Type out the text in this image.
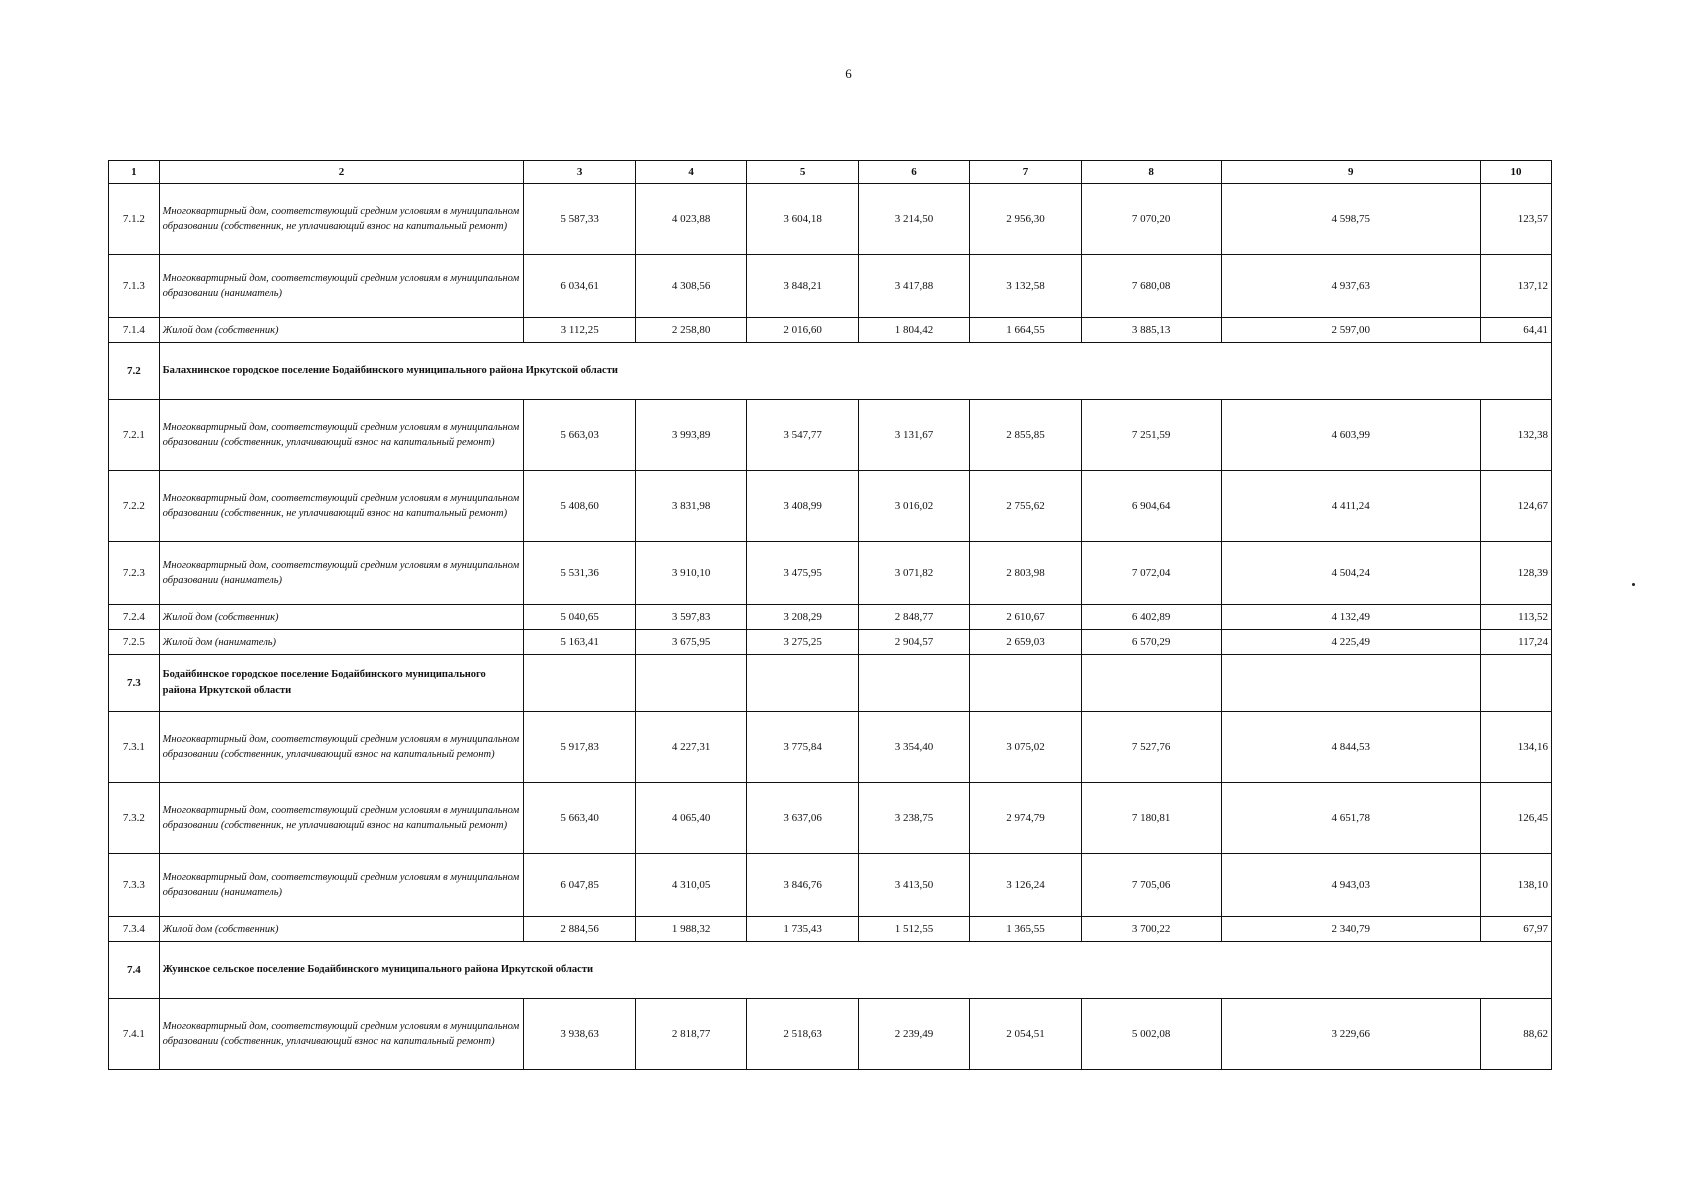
6
1	2	3	4	5	6	7	8	9	10
7.1.2	Многоквартирный дом, соответствующий средним условиям в муниципальном образовании (собственник, не уплачивающий взнос на капитальный ремонт)	5 587,33	4 023,88	3 604,18	3 214,50	2 956,30	7 070,20	4 598,75	123,57
7.1.3	Многоквартирный дом, соответствующий средним условиям в муниципальном образовании (наниматель)	6 034,61	4 308,56	3 848,21	3 417,88	3 132,58	7 680,08	4 937,63	137,12
7.1.4	Жилой дом (собственник)	3 112,25	2 258,80	2 016,60	1 804,42	1 664,55	3 885,13	2 597,00	64,41
7.2	Балахнинское городское поселение Бодайбинского муниципального района Иркутской области								
7.2.1	Многоквартирный дом, соответствующий средним условиям в муниципальном образовании (собственник, уплачивающий взнос на капитальный ремонт)	5 663,03	3 993,89	3 547,77	3 131,67	2 855,85	7 251,59	4 603,99	132,38
7.2.2	Многоквартирный дом, соответствующий средним условиям в муниципальном образовании (собственник, не уплачивающий взнос на капитальный ремонт)	5 408,60	3 831,98	3 408,99	3 016,02	2 755,62	6 904,64	4 411,24	124,67
7.2.3	Многоквартирный дом, соответствующий средним условиям в муниципальном образовании (наниматель)	5 531,36	3 910,10	3 475,95	3 071,82	2 803,98	7 072,04	4 504,24	128,39
7.2.4	Жилой дом (собственник)	5 040,65	3 597,83	3 208,29	2 848,77	2 610,67	6 402,89	4 132,49	113,52
7.2.5	Жилой дом (наниматель)	5 163,41	3 675,95	3 275,25	2 904,57	2 659,03	6 570,29	4 225,49	117,24
7.3	Бодайбинское городское поселение Бодайбинского муниципального района Иркутской области								
7.3.1	Многоквартирный дом, соответствующий средним условиям в муниципальном образовании (собственник, уплачивающий взнос на капитальный ремонт)	5 917,83	4 227,31	3 775,84	3 354,40	3 075,02	7 527,76	4 844,53	134,16
7.3.2	Многоквартирный дом, соответствующий средним условиям в муниципальном образовании (собственник, не уплачивающий взнос на капитальный ремонт)	5 663,40	4 065,40	3 637,06	3 238,75	2 974,79	7 180,81	4 651,78	126,45
7.3.3	Многоквартирный дом, соответствующий средним условиям в муниципальном образовании (наниматель)	6 047,85	4 310,05	3 846,76	3 413,50	3 126,24	7 705,06	4 943,03	138,10
7.3.4	Жилой дом (собственник)	2 884,56	1 988,32	1 735,43	1 512,55	1 365,55	3 700,22	2 340,79	67,97
7.4	Жуинское сельское поселение Бодайбинского муниципального района Иркутской области								
7.4.1	Многоквартирный дом, соответствующий средним условиям в муниципальном образовании (собственник, уплачивающий взнос на капитальный ремонт)	3 938,63	2 818,77	2 518,63	2 239,49	2 054,51	5 002,08	3 229,66	88,62
